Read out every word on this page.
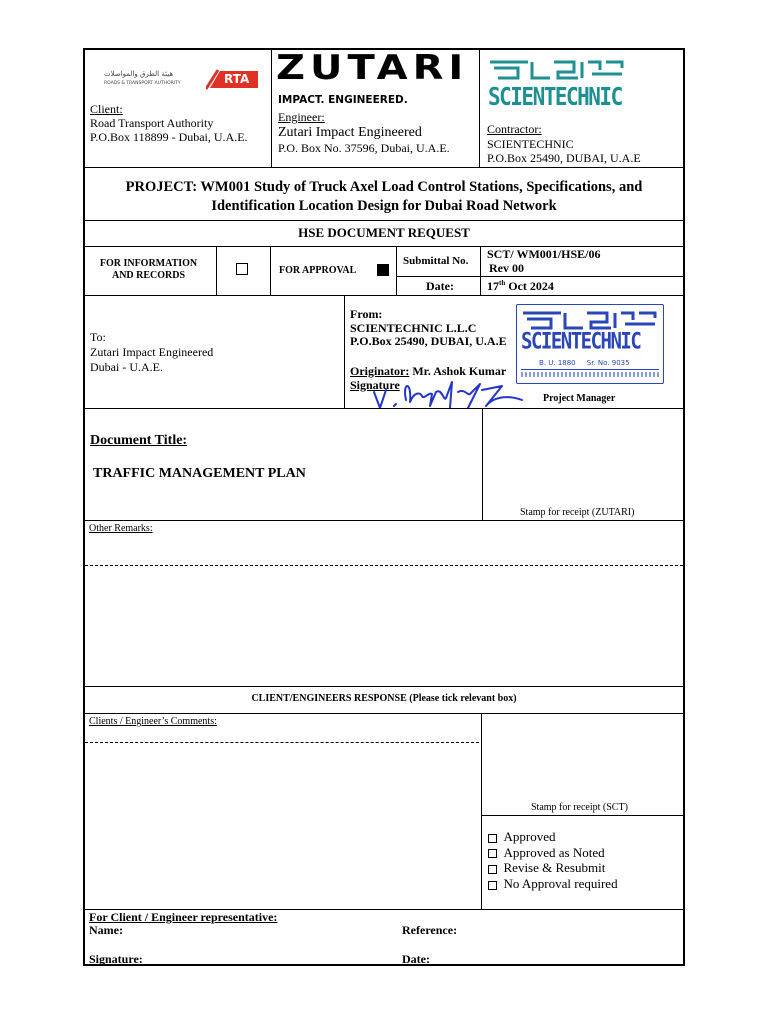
هيئة الطرق والمواصلات
ROADS & TRANSPORT AUTHORITY	RTA
Client:
Road Transport Authority
P.O.Box 118899 - Dubai, U.A.E.
ZUTARI
IMPACT. ENGINEERED.
Engineer:
Zutari Impact Engineered
P.O. Box No. 37596, Dubai, U.A.E.
SCIENTECHNIC
Contractor:
SCIENTECHNIC
P.O.Box 25490, DUBAI, U.A.E
PROJECT: WM001 Study of Truck Axel Load Control Stations, Specifications, and
Identification Location Design for Dubai Road Network
HSE DOCUMENT REQUEST
FOR INFORMATION
AND RECORDS	FOR APPROVAL
Submittal No. SCT/ WM001/HSE/06
Rev 00
Date:	17th Oct 2024
To:
Zutari Impact Engineered
Dubai - U.A.E.
From:
SCIENTECHNIC L.L.C
P.O.Box 25490, DUBAI, U.A.E
Originator: Mr. Ashok Kumar
Signature
Project Manager
SCIENTECHNIC
B. U. 1880     Sr. No. 9035
Document Title:
TRAFFIC MANAGEMENT PLAN
Stamp for receipt (ZUTARI)
Other Remarks:
CLIENT/ENGINEERS RESPONSE (Please tick relevant box)
Clients / Engineer’s Comments:
Stamp for receipt (SCT)
Approved
Approved as Noted
Revise & Resubmit
No Approval required
For Client / Engineer representative:
Name:	Reference:
Signature:	Date:
